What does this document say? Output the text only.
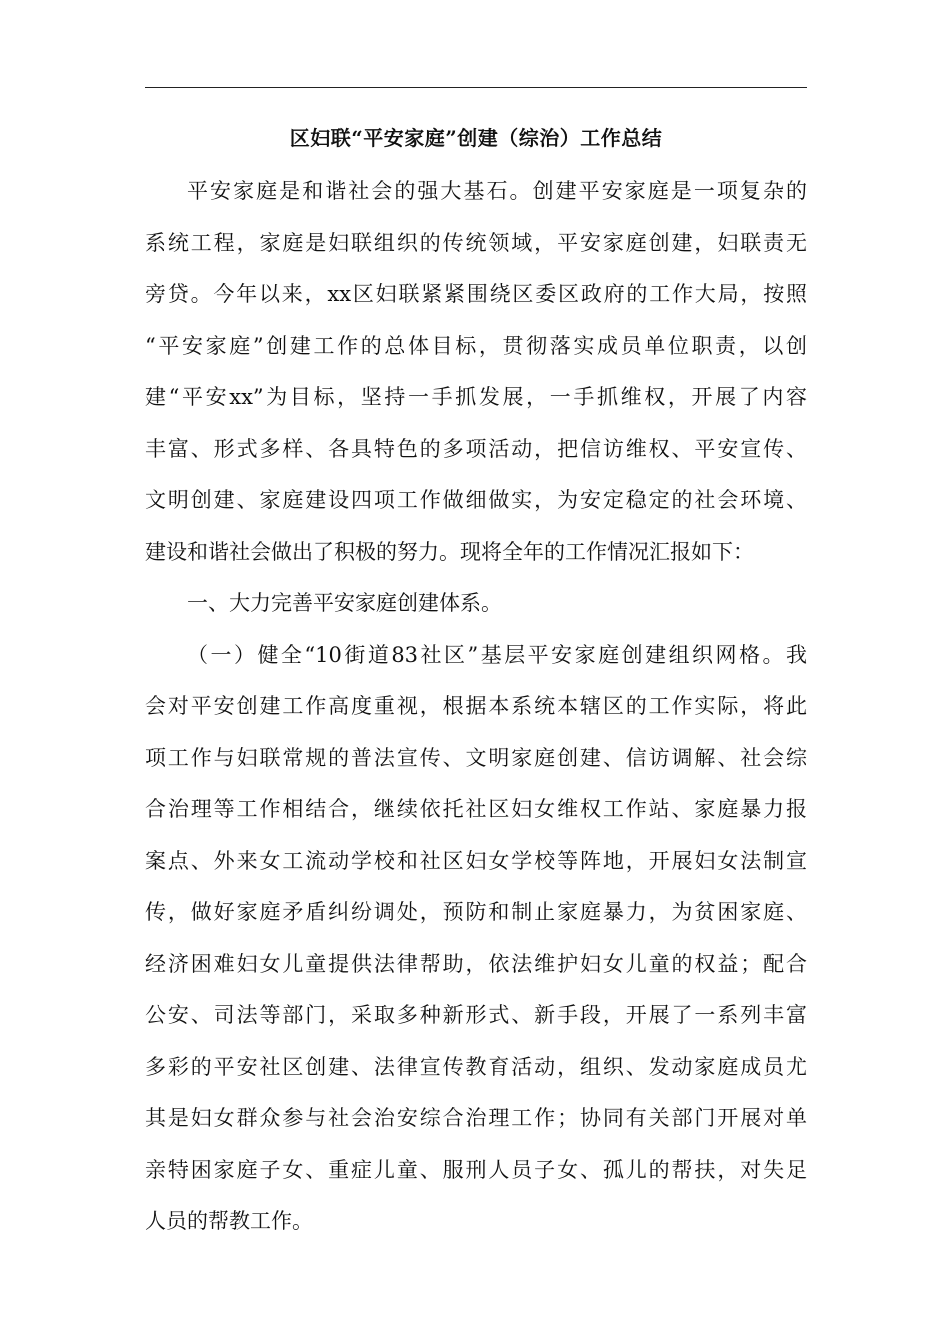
区妇联“平安家庭”创建（综治）工作总结
平安家庭是和谐社会的强大基石。创建平安家庭是一项复杂的
系统工程，家庭是妇联组织的传统领域，平安家庭创建，妇联责无
旁贷。今年以来，xx区妇联紧紧围绕区委区政府的工作大局，按照
“平安家庭”创建工作的总体目标，贯彻落实成员单位职责，以创
建“平安xx”为目标，坚持一手抓发展，一手抓维权，开展了内容
丰富、形式多样、各具特色的多项活动，把信访维权、平安宣传、
文明创建、家庭建设四项工作做细做实，为安定稳定的社会环境、
建设和谐社会做出了积极的努力。现将全年的工作情况汇报如下：
一、大力完善平安家庭创建体系。
（一）健全“10街道83社区”基层平安家庭创建组织网格。我
会对平安创建工作高度重视，根据本系统本辖区的工作实际，将此
项工作与妇联常规的普法宣传、文明家庭创建、信访调解、社会综
合治理等工作相结合，继续依托社区妇女维权工作站、家庭暴力报
案点、外来女工流动学校和社区妇女学校等阵地，开展妇女法制宣
传，做好家庭矛盾纠纷调处，预防和制止家庭暴力，为贫困家庭、
经济困难妇女儿童提供法律帮助，依法维护妇女儿童的权益；配合
公安、司法等部门，采取多种新形式、新手段，开展了一系列丰富
多彩的平安社区创建、法律宣传教育活动，组织、发动家庭成员尤
其是妇女群众参与社会治安综合治理工作；协同有关部门开展对单
亲特困家庭子女、重症儿童、服刑人员子女、孤儿的帮扶，对失足
人员的帮教工作。
